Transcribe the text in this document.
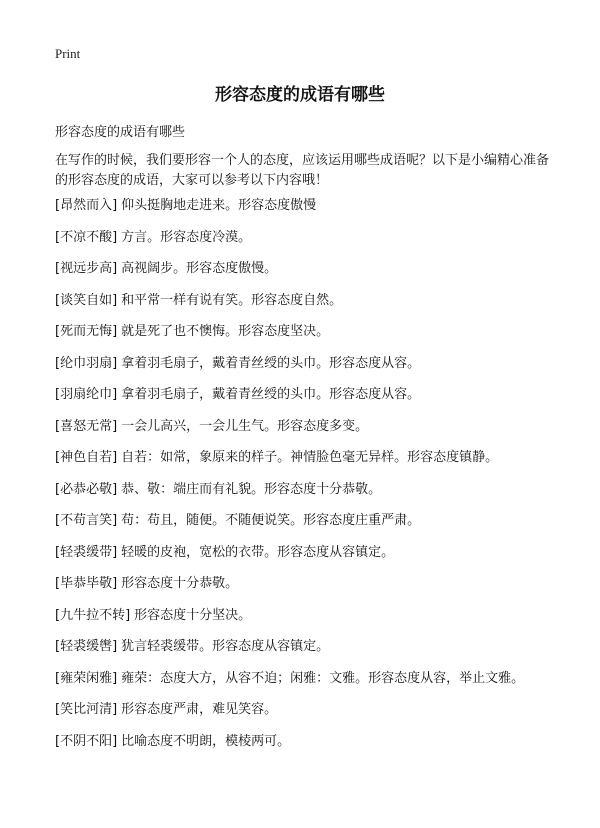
Print
形容态度的成语有哪些
形容态度的成语有哪些
在写作的时候，我们要形容一个人的态度，应该运用哪些成语呢？以下是小编精心准备的形容态度的成语，大家可以参考以下内容哦！
[昂然而入] 仰头挺胸地走进来。形容态度傲慢
[不凉不酸] 方言。形容态度冷漠。
[视远步高] 高视阔步。形容态度傲慢。
[谈笑自如] 和平常一样有说有笑。形容态度自然。
[死而无悔] 就是死了也不懊悔。形容态度坚决。
[纶巾羽扇] 拿着羽毛扇子，戴着青丝绶的头巾。形容态度从容。
[羽扇纶巾] 拿着羽毛扇子，戴着青丝绶的头巾。形容态度从容。
[喜怒无常] 一会儿高兴，一会儿生气。形容态度多变。
[神色自若] 自若：如常，象原来的样子。神情脸色毫无异样。形容态度镇静。
[必恭必敬] 恭、敬：端庄而有礼貌。形容态度十分恭敬。
[不苟言笑] 苟：苟且，随便。不随便说笑。形容态度庄重严肃。
[轻裘缓带] 轻暖的皮袍，宽松的衣带。形容态度从容镇定。
[毕恭毕敬] 形容态度十分恭敬。
[九牛拉不转] 形容态度十分坚决。
[轻裘缓辔] 犹言轻裘缓带。形容态度从容镇定。
[雍荣闲雅] 雍荣：态度大方，从容不迫；闲雅：文雅。形容态度从容，举止文雅。
[笑比河清] 形容态度严肃，难见笑容。
[不阴不阳] 比喻态度不明朗，模棱两可。
